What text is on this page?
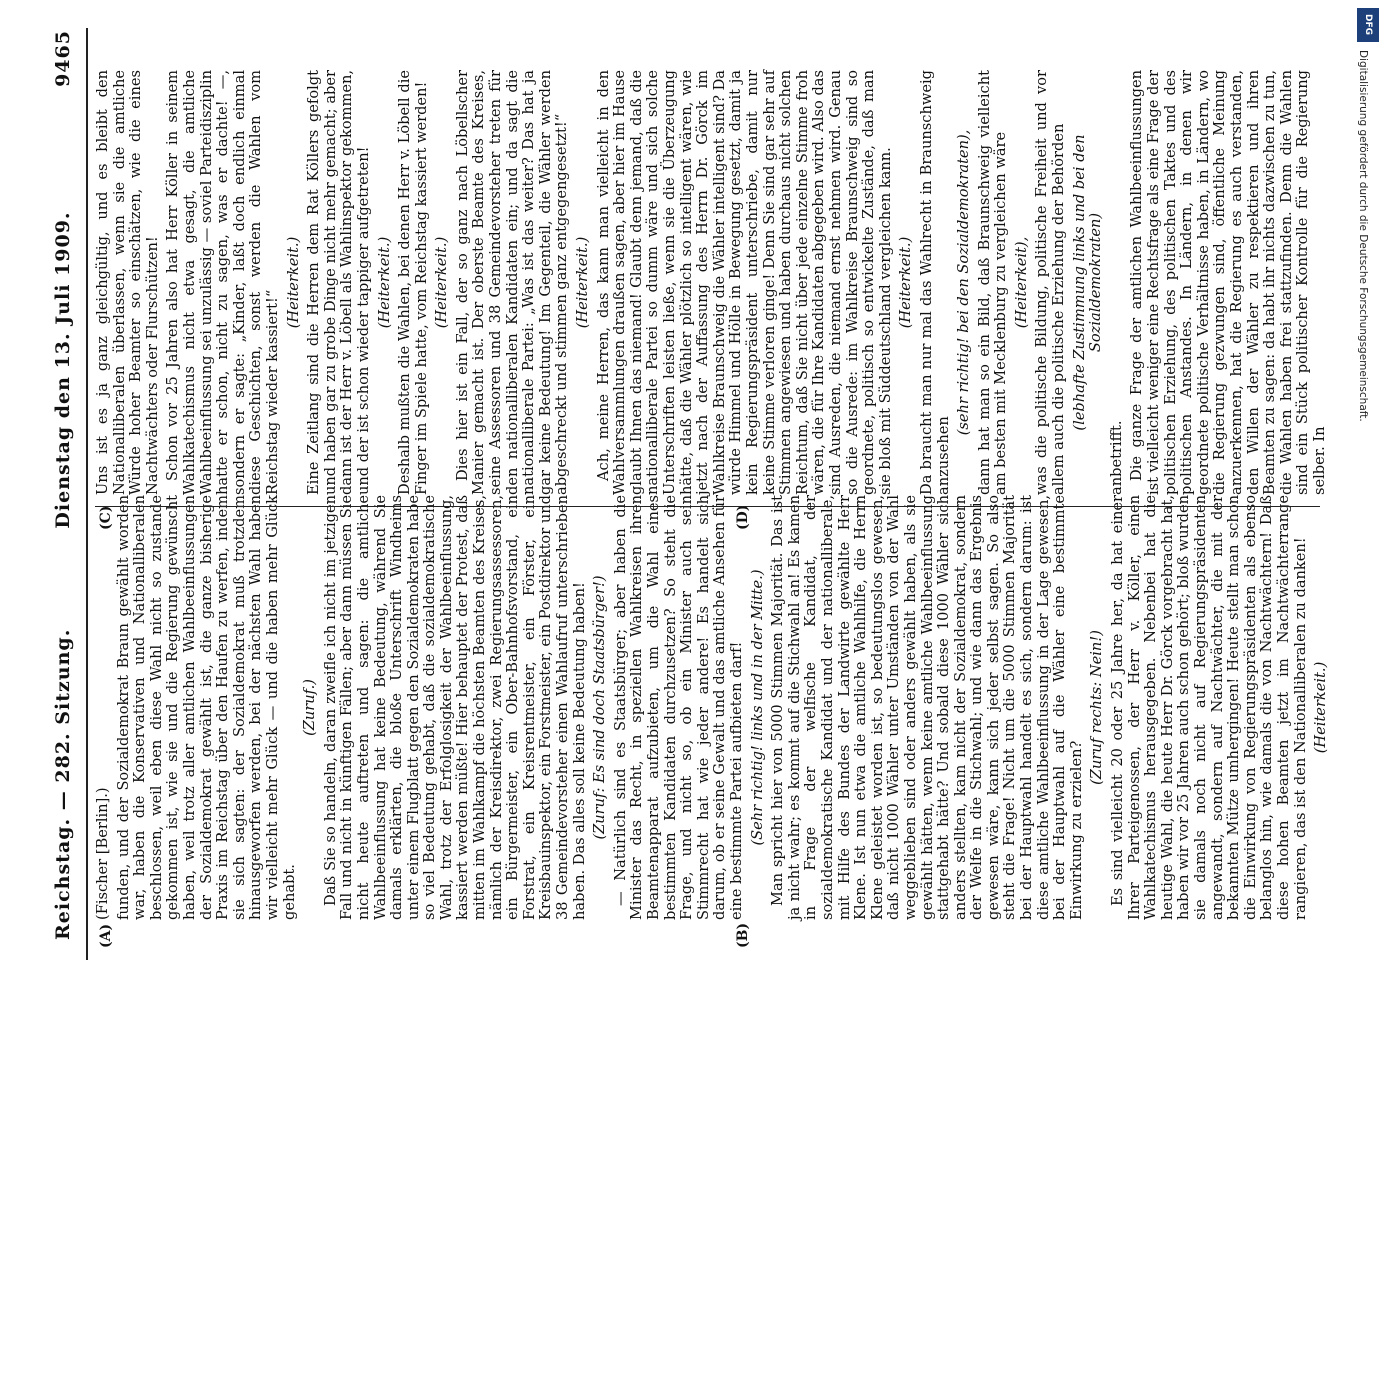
Reichstag. — 282. Sitzung.
Dienstag den 13. Juli 1909.
9465
(A)	(B)
(C)	(D)

(Fischer [Berlin].) funden, und der Sozialdemokrat Braun gewählt worden war, haben die Konservativen und Nationalliberalen beschlossen, weil eben diese Wahl nicht so zustande gekommen ist, wie sie und die Regierung gewünscht haben, weil trotz aller amtlichen Wahlbeeinflussungen der Sozialdemokrat gewählt ist, die ganze bisherige Praxis im Reichstag über den Haufen zu werfen, indem sie sich sagten: der Sozialdemokrat muß trotzdem hinausgeworfen werden, bei der nächsten Wahl haben wir vielleicht mehr Glück — und die haben mehr Glück gehabt.

(Zuruf.) Daß Sie so handeln, daran zweifle ich nicht im jetzigen Fall und nicht in künftigen Fällen; aber dann müssen Sie nicht heute auftreten und sagen: die amtliche Wahlbeeinflussung hat keine Bedeutung, während Sie damals erklärten, die bloße Unterschrift Windheims unter einem Flugblatt gegen den Sozialdemokraten habe so viel Bedeutung gehabt, daß die sozialdemokratische Wahl, trotz der Erfolglosigkeit der Wahlbeeinflussung, kassiert werden müßte! Hier behauptet der Protest, daß mitten im Wahlkampf die höchsten Beamten des Kreises, nämlich der Kreisdirektor, zwei Regierungsassessoren, ein Bürgermeister, ein Ober-Bahnhofsvorstand, ein Forstrat, ein Kreisrentmeister, ein Förster, ein Kreisbauinspektor, ein Forstmeister, ein Postdirektor und 38 Gemeindevorsteher einen Wahlaufruf unterschrieben haben. Das alles soll keine Bedeutung haben! (Zuruf: Es sind doch Staatsbürger!) — Natürlich sind es Staatsbürger; aber haben die Minister das Recht, in speziellen Wahlkreisen ihren Beamtenapparat aufzubieten, um die Wahl eines bestimmten Kandidaten durchzusetzen? So steht die Frage, und nicht so, ob ein Minister auch sein Stimmrecht hat wie jeder andere! Es handelt sich darum, ob er seine Gewalt und das amtliche Ansehen für eine bestimmte Partei aufbieten darf! (Sehr richtig! links und in der Mitte.) Man spricht hier von 5000 Stimmen Majorität. Das ist ja nicht wahr; es kommt auf die Stichwahl an! Es kamen in Frage der welfische Kandidat, der sozialdemokratische Kandidat und der nationalliberale, mit Hilfe des Bundes der Landwirte gewählte Herr Klene. Ist nun etwa die amtliche Wahlhilfe, die Herrn Klene geleistet worden ist, so bedeutungslos gewesen, daß nicht 1000 Wähler unter Umständen von der Wahl weggeblieben sind oder anders gewählt haben, als sie gewählt hätten, wenn keine amtliche Wahlbeeinflussung stattgehabt hätte? Und sobald diese 1000 Wähler sich anders stellten, kam nicht der Sozialdemokrat, sondern der Welfe in die Stichwahl; und wie dann das Ergebnis gewesen wäre, kann sich jeder selbst sagen. So also steht die Frage! Nicht um die 5000 Stimmen Majorität bei der Hauptwahl handelt es sich, sondern darum: ist diese amtliche Wahlbeeinflussung in der Lage gewesen, bei der Hauptwahl auf die Wähler eine bestimmte Einwirkung zu erzielen?

(Zuruf rechts: Nein!) Es sind vielleicht 20 oder 25 Jahre her, da hat einer Ihrer Parteigenossen, der Herr v. Köller, einen Wahlkatechismus herausgegeben. Nebenbei hat die heutige Wahl, die heute Herr Dr. Görck vorgebracht hat, haben wir vor 25 Jahren auch schon gehört; bloß wurden sie damals noch nicht auf Regierungspräsidenten angewandt, sondern auf Nachtwächter, die mit der bekannten Mütze umhergingen! Heute stellt man schon die Einwirkung von Regierungspräsidenten als ebenso belanglos hin, wie damals die von Nachtwächtern! Daß diese hohen Beamten jetzt im Nachtwächterrange rangieren, das ist den Nationalliberalen zu danken! (Heiterkeit.)

Uns ist es ja ganz gleichgültig, und es bleibt den Nationalliberalen überlassen, wenn sie die amtliche Würde hoher Beamter so einschätzen, wie die eines Nachtwächters oder Flurschützen! Schon vor 25 Jahren also hat Herr Köller in seinem Wahlkatechismus nicht etwa gesagt, die amtliche Wahlbeeinflussung sei unzulässig — soviel Parteidisziplin hatte er schon, nicht zu sagen, was er dachte! —, sondern er sagte: „Kinder, laßt doch endlich einmal diese Geschichten, sonst werden die Wahlen vom Reichstag wieder kassiert!“

(Heiterkeit.) Eine Zeitlang sind die Herren dem Rat Köllers gefolgt und haben gar zu grobe Dinge nicht mehr gemacht; aber dann ist der Herr v. Löbell als Wahlinspektor gekommen, und der ist schon wieder tappiger aufgetreten! (Heiterkeit.) Deshalb mußten die Wahlen, bei denen Herr v. Löbell die Finger im Spiele hatte, vom Reichstag kassiert werden! (Heiterkeit.) Dies hier ist ein Fall, der so ganz nach Löbellscher Manier gemacht ist. Der oberste Beamte des Kreises, seine Assessoren und 38 Gemeindevorsteher treten für den nationalliberalen Kandidaten ein; und da sagt die nationalliberale Partei: „Was ist das weiter? Das hat ja gar keine Bedeutung! Im Gegenteil, die Wähler werden abgeschreckt und stimmen ganz entgegengesetzt!“ (Heiterkeit.) Ach, meine Herren, das kann man vielleicht in den Wahlversammlungen draußen sagen, aber hier im Hause glaubt Ihnen das niemand! Glaubt denn jemand, daß die nationalliberale Partei so dumm wäre und sich solche Unterschriften leisten ließe, wenn sie die Überzeugung hätte, daß die Wähler plötzlich so intelligent wären, wie jetzt nach der Auffassung des Herrn Dr. Görck im Wahlkreise Braunschweig die Wähler intelligent sind? Da würde Himmel und Hölle in Bewegung gesetzt, damit ja kein Regierungspräsident unterschriebe, damit nur keine Stimme verloren ginge! Denn Sie sind gar sehr auf Stimmen angewiesen und haben durchaus nicht solchen Reichtum, daß Sie nicht über jede einzelne Stimme froh wären, die für Ihre Kandidaten abgegeben wird. Also das sind Ausreden, die niemand ernst nehmen wird. Genau so die Ausrede: im Wahlkreise Braunschweig sind so geordnete, politisch so entwickelte Zustände, daß man sie bloß mit Süddeutschland vergleichen kann. (Heiterkeit.) Da braucht man nur mal das Wahlrecht in Braunschweig anzusehen

(sehr richtig! bei den Sozialdemokraten), dann hat man so ein Bild, daß Braunschweig vielleicht am besten mit Mecklenburg zu vergleichen wäre (Heiterkeit), was die politische Bildung, politische Freiheit und vor allem auch die politische Erziehung der Behörden (lebhafte Zustimmung links und bei den Sozialdemokraten)

anbetrifft. Die ganze Frage der amtlichen Wahlbeeinflussungen ist vielleicht weniger eine Rechtsfrage als eine Frage der politischen Erziehung, des politischen Taktes und des politischen Anstandes. In Ländern, in denen wir geordnete politische Verhältnisse haben, in Ländern, wo die Regierung gezwungen sind, öffentliche Meinung anzuerkennen, hat die Regierung es auch verstanden, den Willen der Wähler zu respektieren und ihren Beamten zu sagen: da habt ihr nichts dazwischen zu tun, die Wahlen haben frei stattzufinden. Denn die Wahlen sind ein Stück politischer Kontrolle für die Regierung selber. In

DFG
Digitalisierung gefördert durch die Deutsche Forschungsgemeinschaft.
